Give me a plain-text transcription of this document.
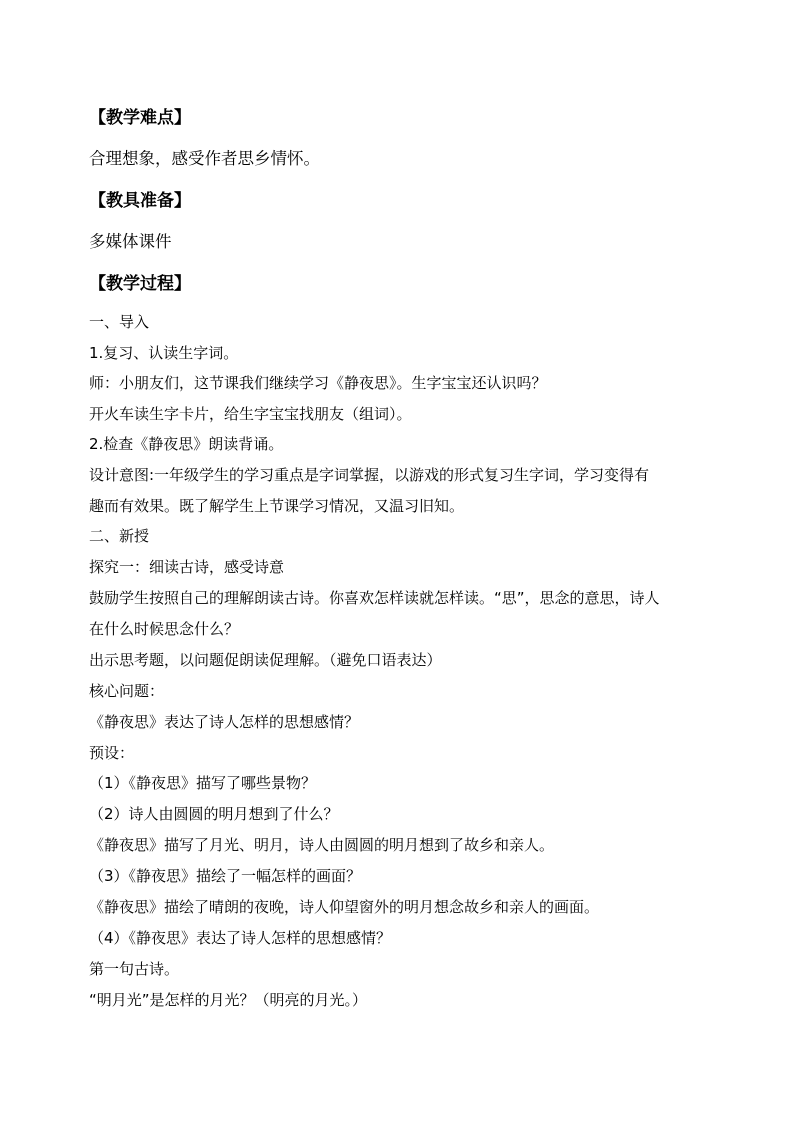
【教学难点】
合理想象，感受作者思乡情怀。
【教具准备】
多媒体课件
【教学过程】
一、导入
1.复习、认读生字词。
师：小朋友们，这节课我们继续学习《静夜思》。生字宝宝还认识吗？
开火车读生字卡片，给生字宝宝找朋友（组词）。
2.检查《静夜思》朗读背诵。
设计意图:一年级学生的学习重点是字词掌握，以游戏的形式复习生字词，学习变得有
趣而有效果。既了解学生上节课学习情况，又温习旧知。
二、新授
探究一：细读古诗，感受诗意
鼓励学生按照自己的理解朗读古诗。你喜欢怎样读就怎样读。“思”，思念的意思，诗人
在什么时候思念什么？
出示思考题，以问题促朗读促理解。（避免口语表达）
核心问题：
《静夜思》表达了诗人怎样的思想感情？
预设：
（1）《静夜思》描写了哪些景物？
（2）诗人由圆圆的明月想到了什么？
《静夜思》描写了月光、明月，诗人由圆圆的明月想到了故乡和亲人。
（3）《静夜思》描绘了一幅怎样的画面？
《静夜思》描绘了晴朗的夜晚，诗人仰望窗外的明月想念故乡和亲人的画面。
（4）《静夜思》表达了诗人怎样的思想感情？
第一句古诗。
“明月光”是怎样的月光？（明亮的月光。）
